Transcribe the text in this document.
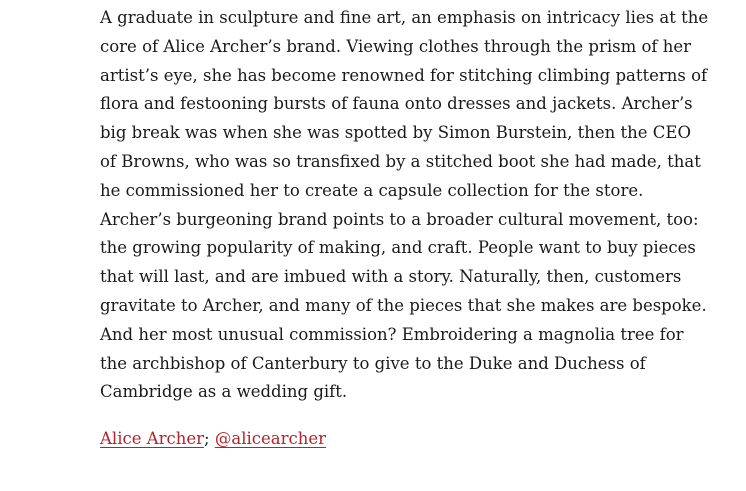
A graduate in sculpture and fine art, an emphasis on intricacy lies at the
core of Alice Archer’s brand. Viewing clothes through the prism of her
artist’s eye, she has become renowned for stitching climbing patterns of
flora and festooning bursts of fauna onto dresses and jackets. Archer’s
big break was when she was spotted by Simon Burstein, then the CEO
of Browns, who was so transfixed by a stitched boot she had made, that
he commissioned her to create a capsule collection for the store.
Archer’s burgeoning brand points to a broader cultural movement, too:
the growing popularity of making, and craft. People want to buy pieces
that will last, and are imbued with a story. Naturally, then, customers
gravitate to Archer, and many of the pieces that she makes are bespoke.
And her most unusual commission? Embroidering a magnolia tree for
the archbishop of Canterbury to give to the Duke and Duchess of
Cambridge as a wedding gift.

Alice Archer; @alicearcher
